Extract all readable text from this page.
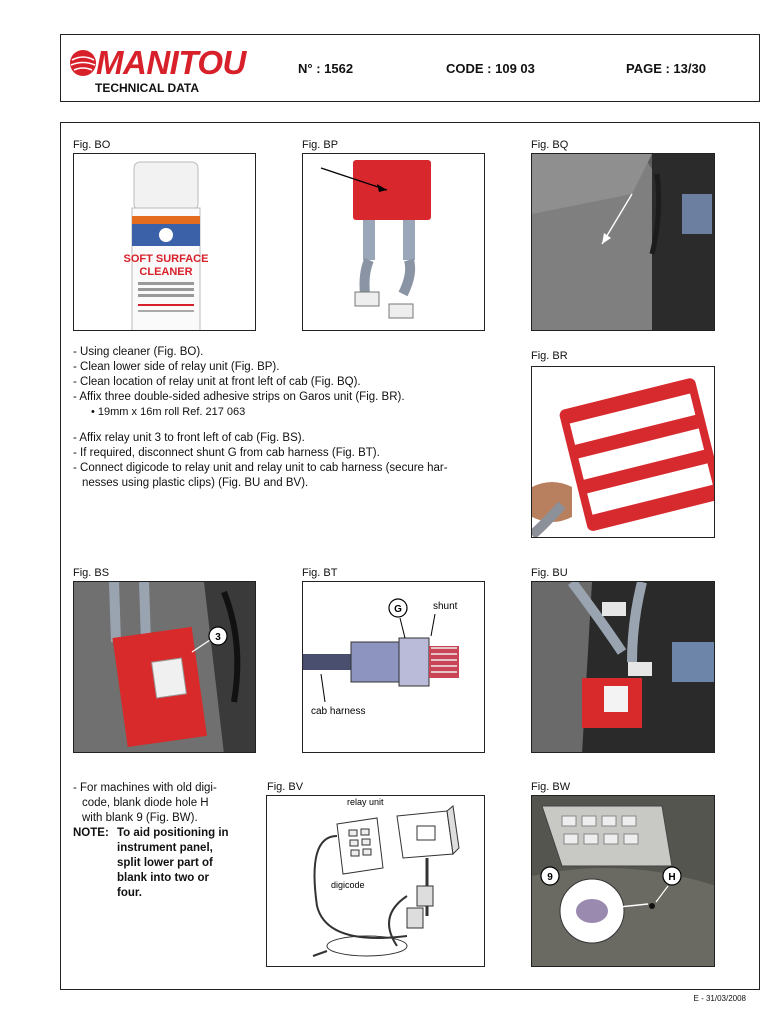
MANITOU
TECHNICAL DATA
N° : 1562	CODE : 109 03	PAGE : 13/30
Fig. BO
SOFT SURFACE
CLEANER
Fig. BP	Fig. BQ
Fig. BR
- Using cleaner (Fig. BO).
- Clean lower side of relay unit (Fig. BP).
- Clean location of relay unit at front left of cab (Fig. BQ).
- Affix three double-sided adhesive strips on Garos unit (Fig. BR).
• 19mm x 16m roll Ref. 217 063
- Affix relay unit 3 to front left of cab (Fig. BS).
- If required, disconnect shunt G from cab harness (Fig. BT).
- Connect digicode to relay unit and relay unit to cab harness (secure har-
nesses using plastic clips) (Fig. BU and BV).
Fig. BS
3
Fig. BT
G	shunt
cab harness
Fig. BU
- For machines with old digi-
code, blank diode hole H
with blank 9 (Fig. BW).
NOTE: To aid positioning in
instrument panel,
split lower part of
blank into two or
four.
Fig. BV
relay unit
digicode
Fig. BW
9	H
E - 31/03/2008
